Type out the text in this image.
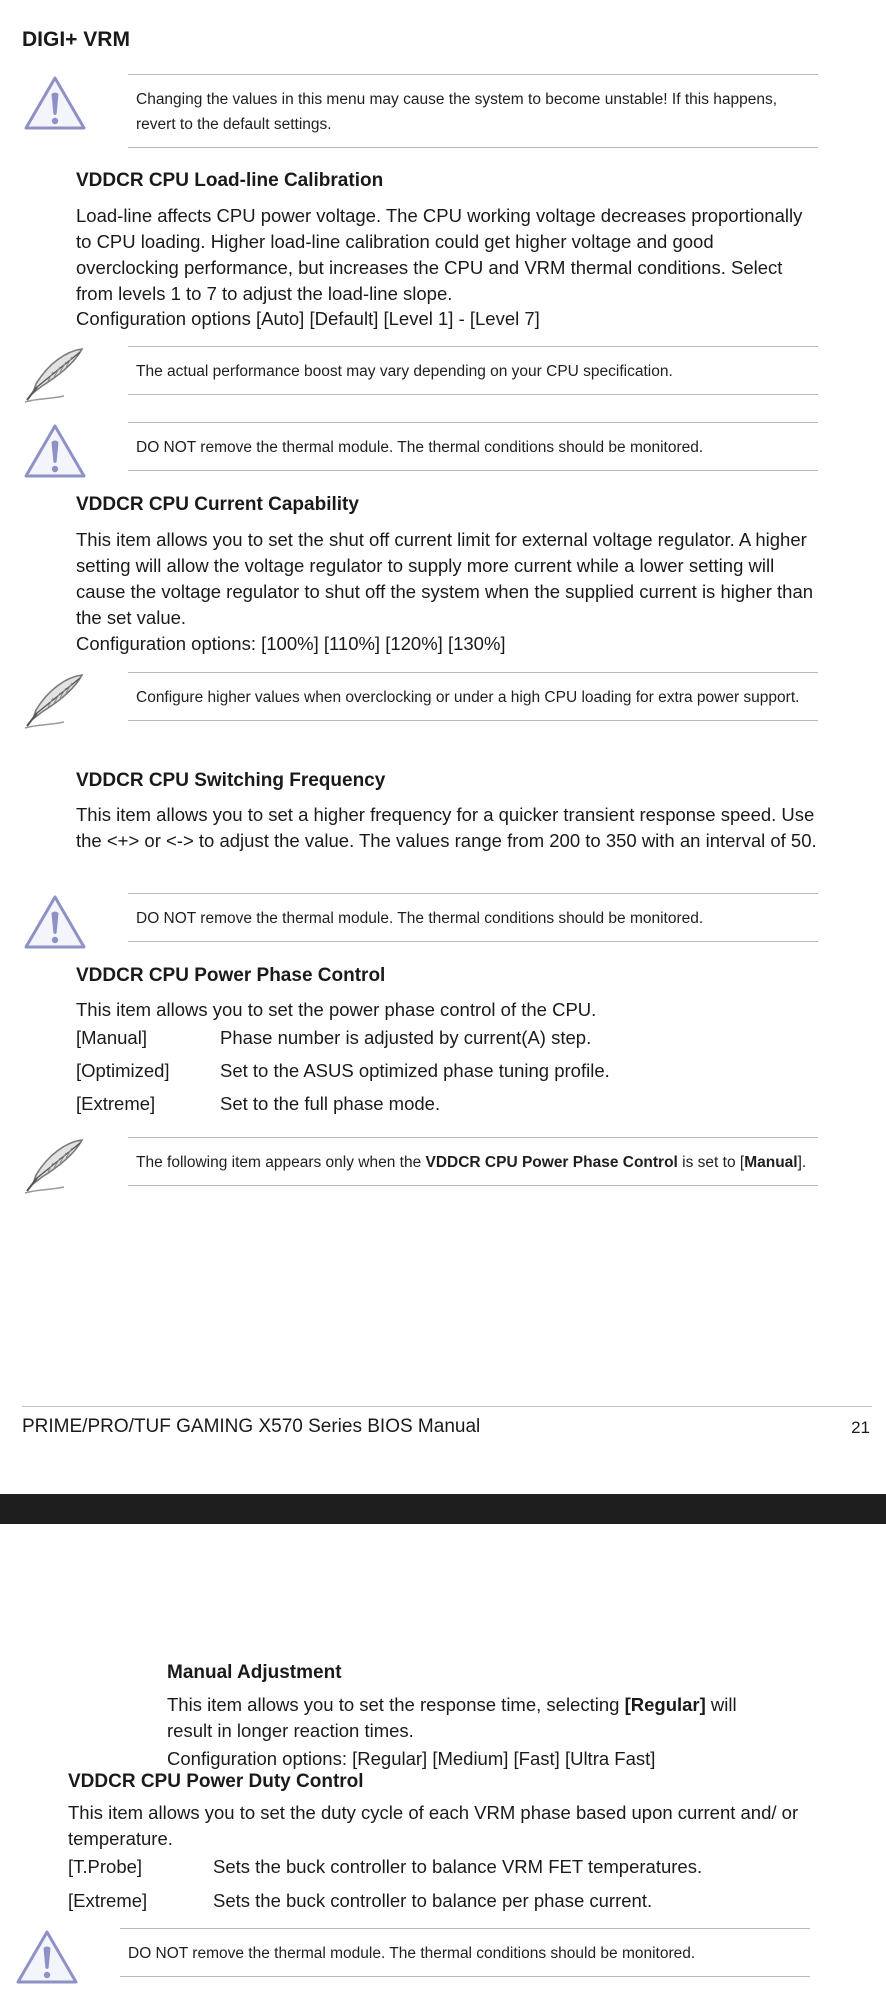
DIGI+ VRM
Changing the values in this menu may cause the system to become unstable! If this happens, revert to the default settings.
VDDCR CPU Load-line Calibration
Load-line affects CPU power voltage. The CPU working voltage decreases proportionally to CPU loading. Higher load-line calibration could get higher voltage and good overclocking performance, but increases the CPU and VRM thermal conditions. Select from levels 1 to 7 to adjust the load-line slope.
Configuration options [Auto] [Default] [Level 1] - [Level 7]
The actual performance boost may vary depending on your CPU specification.
DO NOT remove the thermal module. The thermal conditions should be monitored.
VDDCR CPU Current Capability
This item allows you to set the shut off current limit for external voltage regulator. A higher setting will allow the voltage regulator to supply more current while a lower setting will cause the voltage regulator to shut off the system when the supplied current is higher than the set value.
Configuration options: [100%] [110%] [120%] [130%]
Configure higher values when overclocking or under a high CPU loading for extra power support.
VDDCR CPU Switching Frequency
This item allows you to set a higher frequency for a quicker transient response speed. Use the <+> or <-> to adjust the value. The values range from 200 to 350 with an interval of 50.
DO NOT remove the thermal module. The thermal conditions should be monitored.
VDDCR CPU Power Phase Control
This item allows you to set the power phase control of the CPU.
[Manual]	Phase number is adjusted by current(A) step.
[Optimized]	Set to the ASUS optimized phase tuning profile.
[Extreme]	Set to the full phase mode.
The following item appears only when the VDDCR CPU Power Phase Control is set to [Manual].
PRIME/PRO/TUF GAMING X570 Series BIOS Manual	21
Manual Adjustment
This item allows you to set the response time, selecting [Regular] will result in longer reaction times.
Configuration options: [Regular] [Medium] [Fast] [Ultra Fast]
VDDCR CPU Power Duty Control
This item allows you to set the duty cycle of each VRM phase based upon current and/ or temperature.
[T.Probe]	Sets the buck controller to balance VRM FET temperatures.
[Extreme]	Sets the buck controller to balance per phase current.
DO NOT remove the thermal module. The thermal conditions should be monitored.
